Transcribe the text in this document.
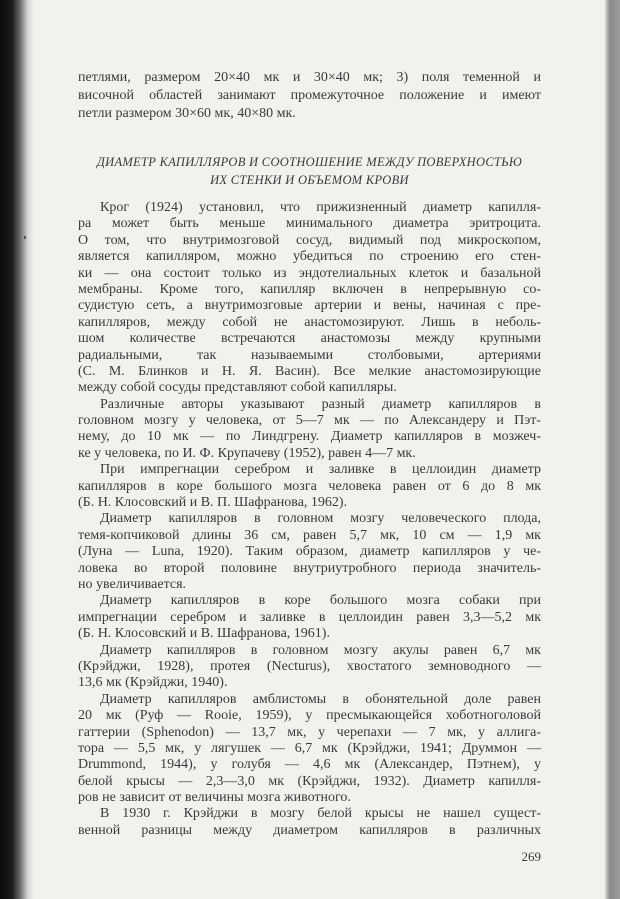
петлями, размером 20×40 мк и 30×40 мк; 3) поля теменной и
височной областей занимают промежуточное положение и имеют
петли размером 30×60 мк, 40×80 мк.
ДИАМЕТР КАПИЛЛЯРОВ И СООТНОШЕНИЕ МЕЖДУ ПОВЕРХНОСТЬЮ
ИХ СТЕНКИ И ОБЪЕМОМ КРОВИ
Крог (1924) установил, что прижизненный диаметр капилля-
ра может быть меньше минимального диаметра эритроцита.
О том, что внутримозговой сосуд, видимый под микроскопом,
является капилляром, можно убедиться по строению его стен-
ки — она состоит только из эндотелиальных клеток и базальной
мембраны. Кроме того, капилляр включен в непрерывную со-
судистую сеть, а внутримозговые артерии и вены, начиная с пре-
капилляров, между собой не анастомозируют. Лишь в неболь-
шом количестве встречаются анастомозы между крупными
радиальными, так называемыми столбовыми, артериями
(С. М. Блинков и Н. Я. Васин). Все мелкие анастомозирующие
между собой сосуды представляют собой капилляры.
Различные авторы указывают разный диаметр капилляров в
головном мозгу у человека, от 5—7 мк — по Александеру и Пэт-
нему, до 10 мк — по Линдгрену. Диаметр капилляров в мозжеч-
ке у человека, по И. Ф. Крупачеву (1952), равен 4—7 мк.
При импрегнации серебром и заливке в целлоидин диаметр
капилляров в коре большого мозга человека равен от 6 до 8 мк
(Б. Н. Клосовский и В. П. Шафранова, 1962).
Диаметр капилляров в головном мозгу человеческого плода,
темя-копчиковой длины 36 см, равен 5,7 мк, 10 см — 1,9 мк
(Луна — Luna, 1920). Таким образом, диаметр капилляров у че-
ловека во второй половине внутриутробного периода значитель-
но увеличивается.
Диаметр капилляров в коре большого мозга собаки при
импрегнации серебром и заливке в целлоидин равен 3,3—5,2 мк
(Б. Н. Клосовский и В. Шафранова, 1961).
Диаметр капилляров в головном мозгу акулы равен 6,7 мк
(Крэйджи, 1928), протея (Necturus), хвостатого земноводного —
13,6 мк (Крэйджи, 1940).
Диаметр капилляров амблистомы в обонятельной доле равен
20 мк (Руф — Rooie, 1959), у пресмыкающейся хоботноголовой
гаттерии (Sphenodon) — 13,7 мк, у черепахи — 7 мк, у аллига-
тора — 5,5 мк, у лягушек — 6,7 мк (Крэйджи, 1941; Друммон —
Drummond, 1944), у голубя — 4,6 мк (Александер, Пэтнем), у
белой крысы — 2,3—3,0 мк (Крэйджи, 1932). Диаметр капилля-
ров не зависит от величины мозга животного.
В 1930 г. Крэйджи в мозгу белой крысы не нашел сущест-
венной разницы между диаметром капилляров в различных
269
